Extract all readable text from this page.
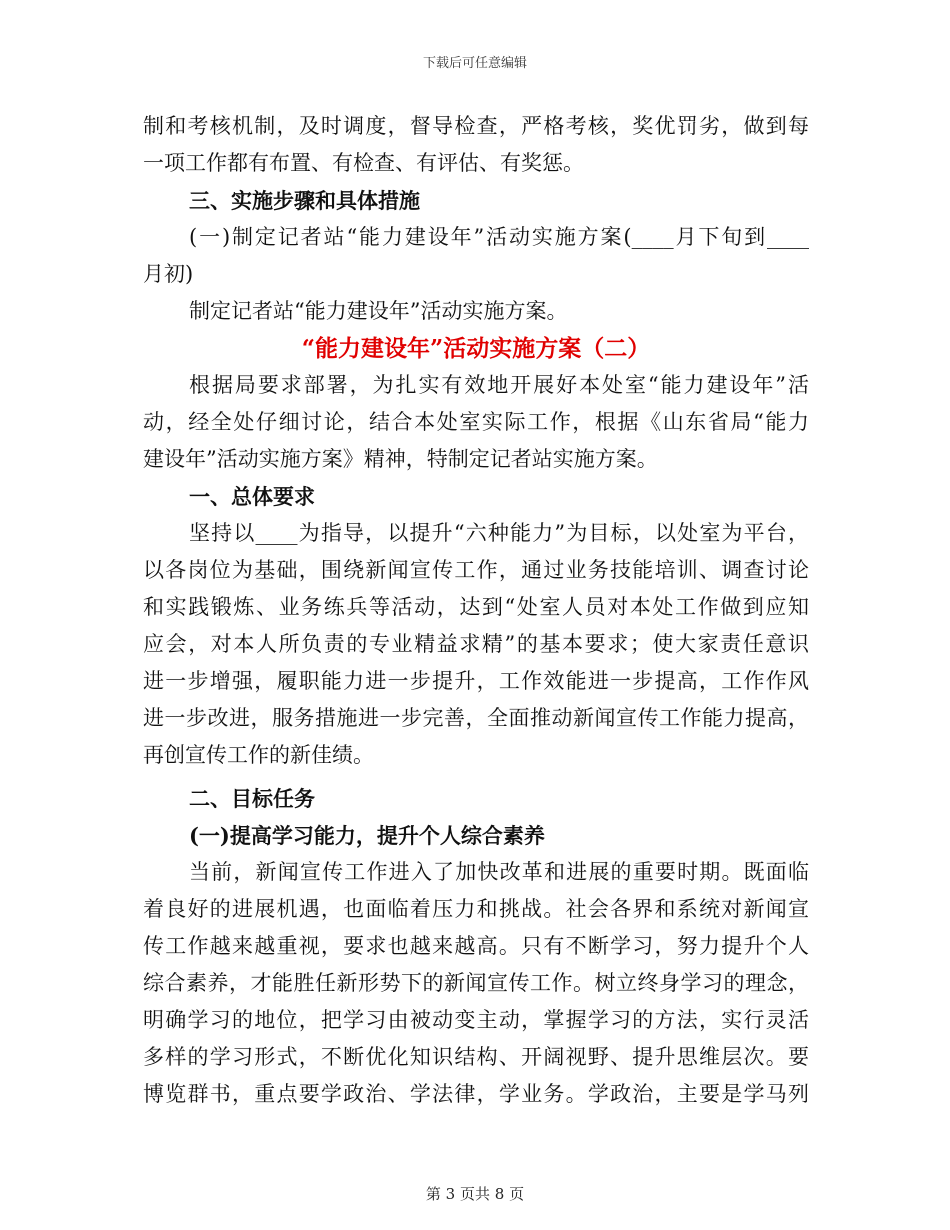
下载后可任意编辑
制和考核机制，及时调度，督导检查，严格考核，奖优罚劣，做到每
一项工作都有布置、有检查、有评估、有奖惩。
三、实施步骤和具体措施
(一)制定记者站“能力建设年”活动实施方案(____月下旬到____
月初)
制定记者站“能力建设年”活动实施方案。
“能力建设年”活动实施方案（二）
根据局要求部署，为扎实有效地开展好本处室“能力建设年”活
动，经全处仔细讨论，结合本处室实际工作，根据《山东省局“能力
建设年”活动实施方案》精神，特制定记者站实施方案。
一、总体要求
坚持以____为指导，以提升“六种能力”为目标，以处室为平台，
以各岗位为基础，围绕新闻宣传工作，通过业务技能培训、调查讨论
和实践锻炼、业务练兵等活动，达到“处室人员对本处工作做到应知
应会，对本人所负责的专业精益求精”的基本要求；使大家责任意识
进一步增强，履职能力进一步提升，工作效能进一步提高，工作作风
进一步改进，服务措施进一步完善，全面推动新闻宣传工作能力提高，
再创宣传工作的新佳绩。
二、目标任务
(一)提高学习能力，提升个人综合素养
当前，新闻宣传工作进入了加快改革和进展的重要时期。既面临
着良好的进展机遇，也面临着压力和挑战。社会各界和系统对新闻宣
传工作越来越重视，要求也越来越高。只有不断学习，努力提升个人
综合素养，才能胜任新形势下的新闻宣传工作。树立终身学习的理念，
明确学习的地位，把学习由被动变主动，掌握学习的方法，实行灵活
多样的学习形式，不断优化知识结构、开阔视野、提升思维层次。要
博览群书，重点要学政治、学法律，学业务。学政治，主要是学马列
第 3 页共 8 页
